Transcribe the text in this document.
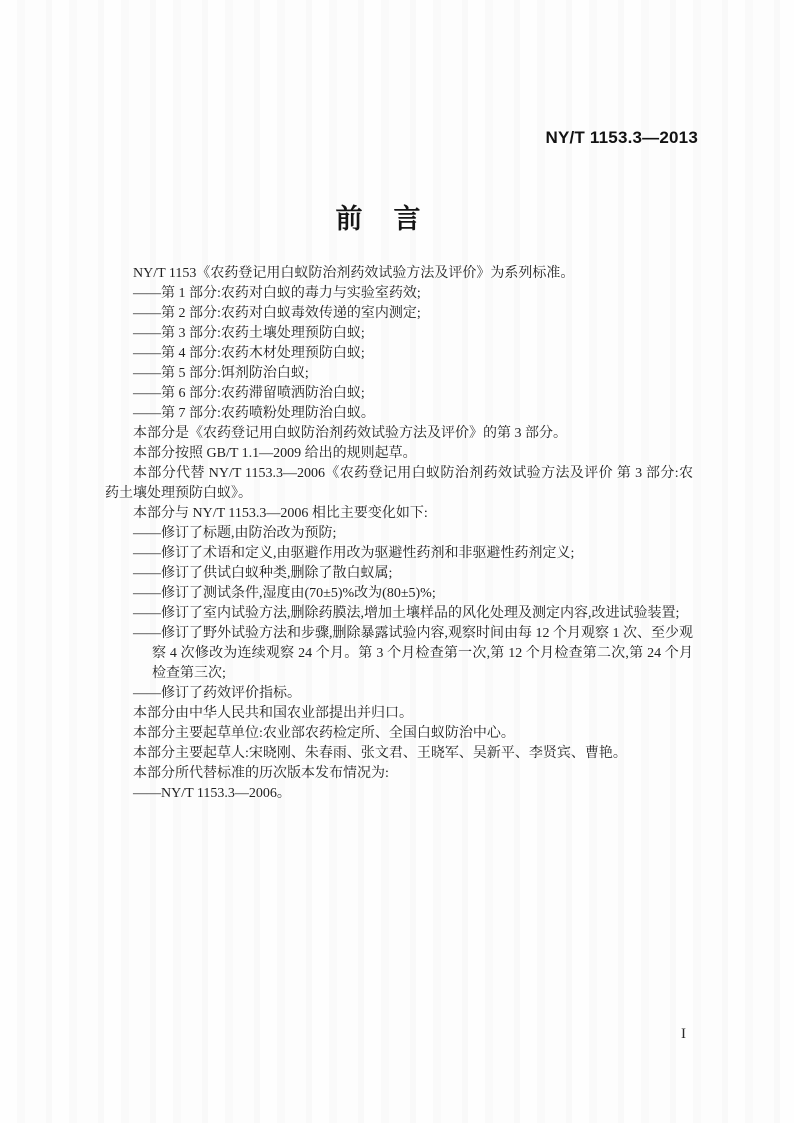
NY/T 1153.3—2013
前　言

NY/T 1153《农药登记用白蚁防治剂药效试验方法及评价》为系列标准。

——第 1 部分:农药对白蚁的毒力与实验室药效;

——第 2 部分:农药对白蚁毒效传递的室内测定;

——第 3 部分:农药土壤处理预防白蚁;

——第 4 部分:农药木材处理预防白蚁;

——第 5 部分:饵剂防治白蚁;

——第 6 部分:农药滞留喷洒防治白蚁;

——第 7 部分:农药喷粉处理防治白蚁。

本部分是《农药登记用白蚁防治剂药效试验方法及评价》的第 3 部分。

本部分按照 GB/T 1.1—2009 给出的规则起草。

本部分代替 NY/T 1153.3—2006《农药登记用白蚁防治剂药效试验方法及评价 第 3 部分:农药土壤处理预防白蚁》。

本部分与 NY/T 1153.3—2006 相比主要变化如下:

——修订了标题,由防治改为预防;

——修订了术语和定义,由驱避作用改为驱避性药剂和非驱避性药剂定义;

——修订了供试白蚁种类,删除了散白蚁属;

——修订了测试条件,湿度由(70±5)%改为(80±5)%;

——修订了室内试验方法,删除药膜法,增加土壤样品的风化处理及测定内容,改进试验装置;

——修订了野外试验方法和步骤,删除暴露试验内容,观察时间由每 12 个月观察 1 次、至少观察 4 次修改为连续观察 24 个月。第 3 个月检查第一次,第 12 个月检查第二次,第 24 个月检查第三次;

——修订了药效评价指标。

本部分由中华人民共和国农业部提出并归口。

本部分主要起草单位:农业部农药检定所、全国白蚁防治中心。

本部分主要起草人:宋晓刚、朱春雨、张文君、王晓军、吴新平、李贤宾、曹艳。

本部分所代替标准的历次版本发布情况为:

——NY/T 1153.3—2006。

I
